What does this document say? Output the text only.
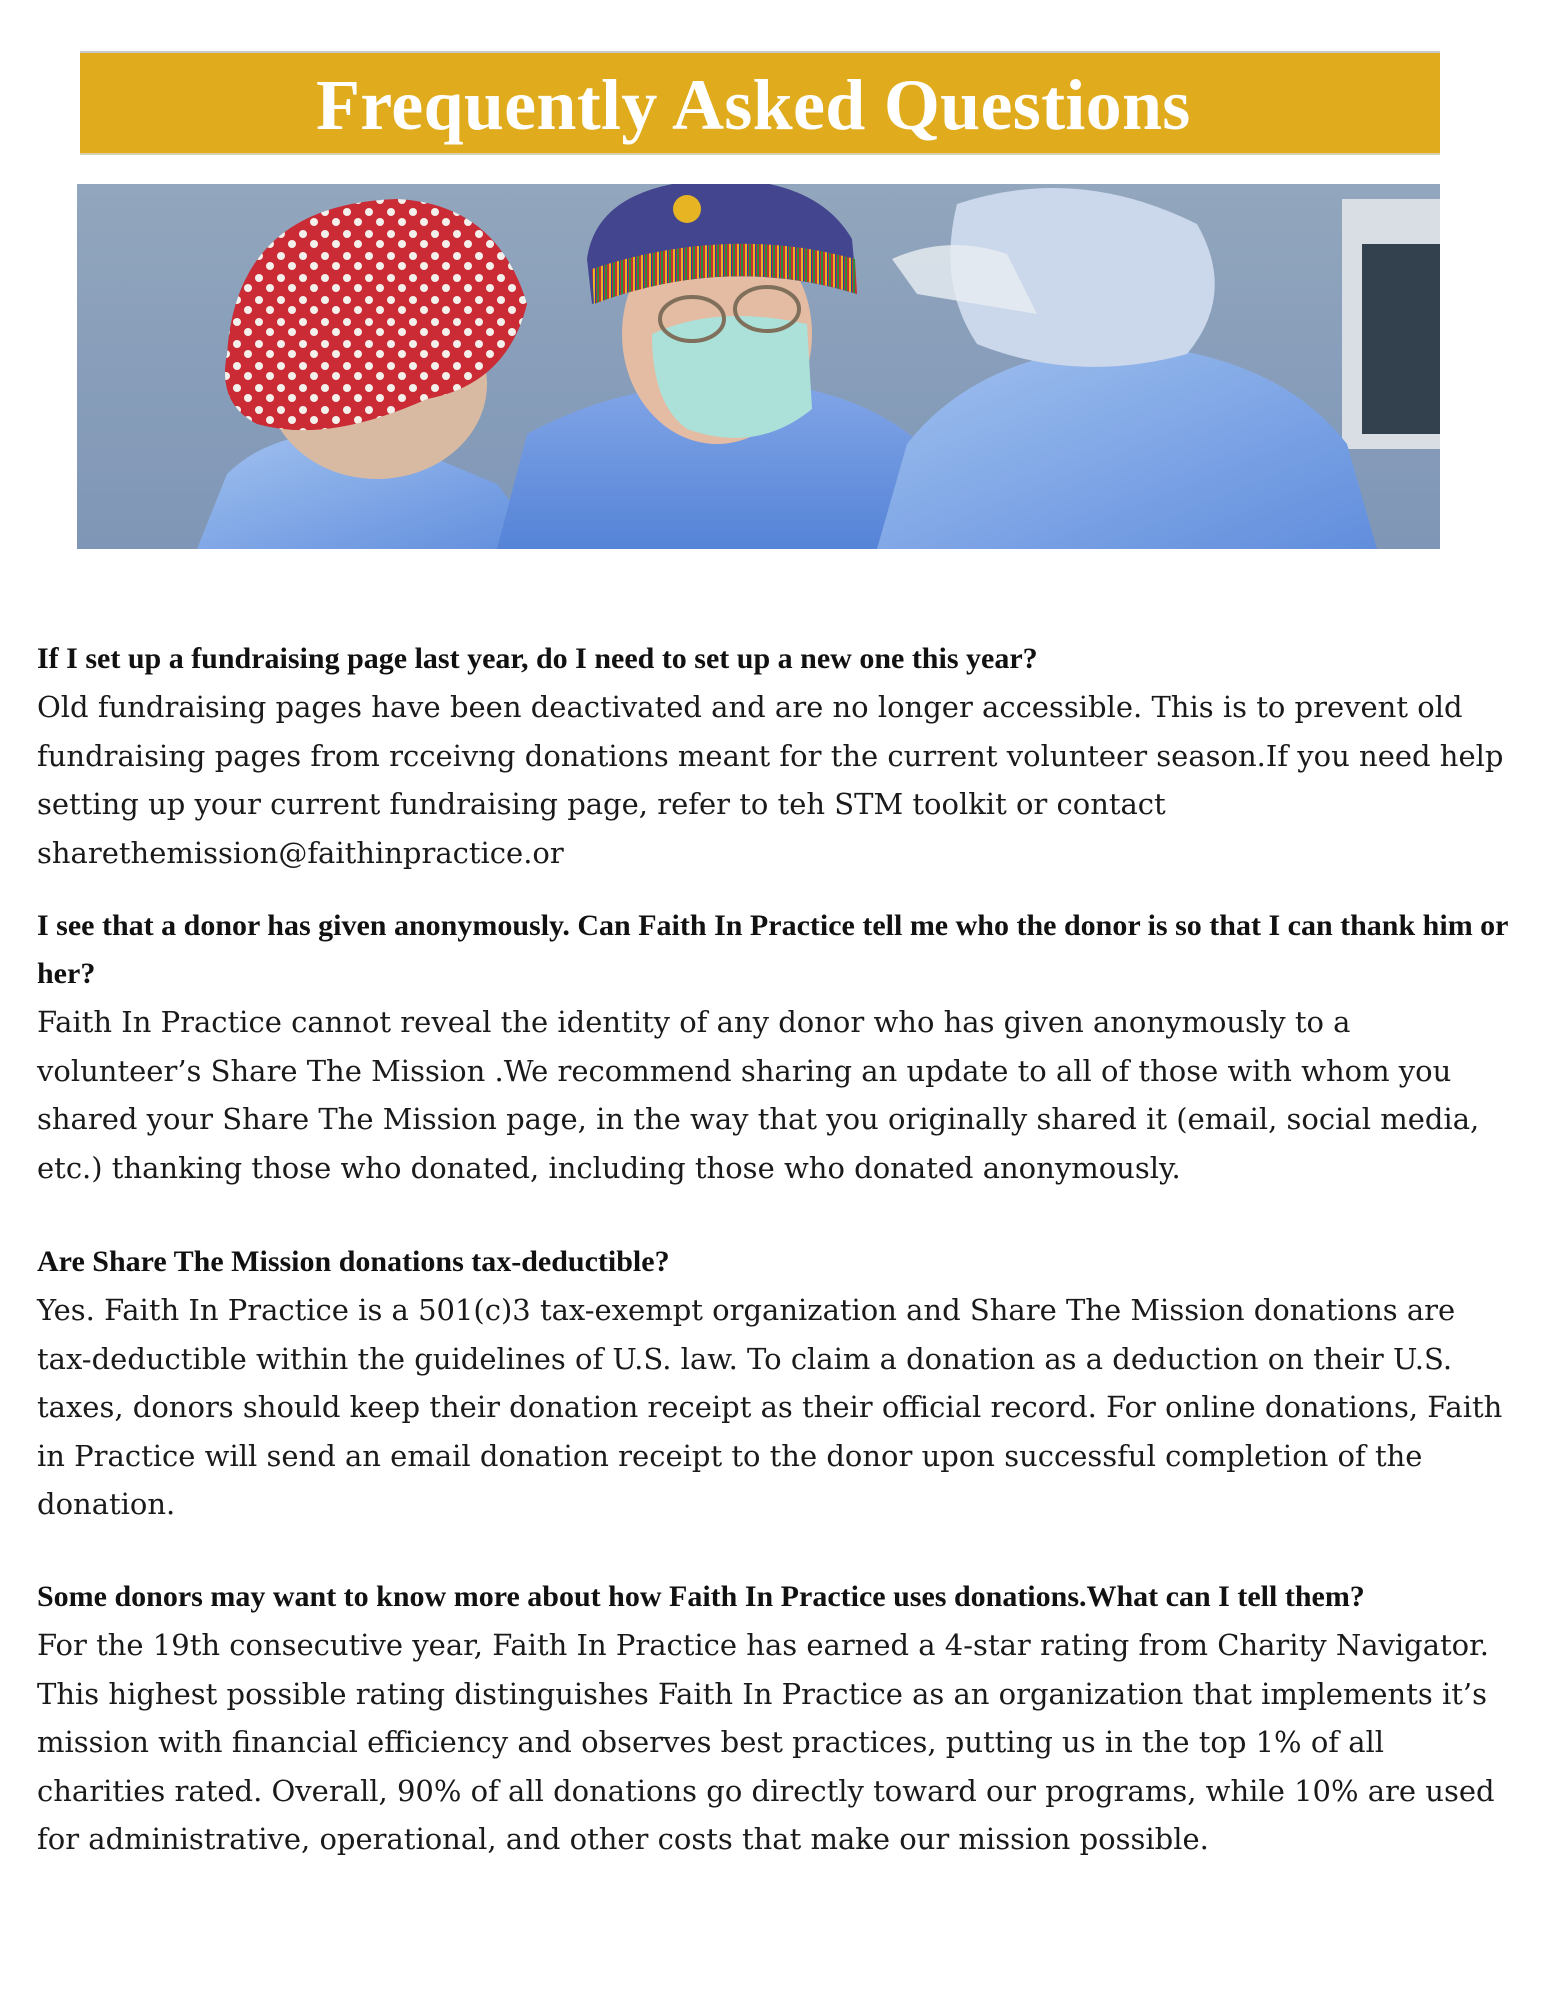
Frequently Asked Questions

If I set up a fundraising page last year, do I need to set up a new one this year?

Old fundraising pages have been deactivated and are no longer accessible. This is to prevent old fundraising pages from rcceivng donations meant for the current volunteer season.If you need help setting up your current fundraising page, refer to teh STM toolkit or contact sharethemission@faithinpractice.or

I see that a donor has given anonymously. Can Faith In Practice tell me who the donor is so that I can thank him or her?

Faith In Practice cannot reveal the identity of any donor who has given anonymously to a volunteer’s Share The Mission .We recommend sharing an update to all of those with whom you shared your Share The Mission page, in the way that you originally shared it (email, social media, etc.) thanking those who donated, including those who donated anonymously.

Are Share The Mission donations tax-deductible?

Yes. Faith In Practice is a 501(c)3 tax-exempt organization and Share The Mission donations are tax-deductible within the guidelines of U.S. law. To claim a donation as a deduction on their U.S. taxes, donors should keep their donation receipt as their official record. For online donations, Faith in Practice will send an email donation receipt to the donor upon successful completion of the donation.

Some donors may want to know more about how Faith In Practice uses donations.What can I tell them?

For the 19th consecutive year, Faith In Practice has earned a 4-star rating from Charity Navigator. This highest possible rating distinguishes Faith In Practice as an organization that implements it’s mission with financial efficiency and observes best practices, putting us in the top 1% of all charities rated. Overall, 90% of all donations go directly toward our programs, while 10% are used for administrative, operational, and other costs that make our mission possible.
